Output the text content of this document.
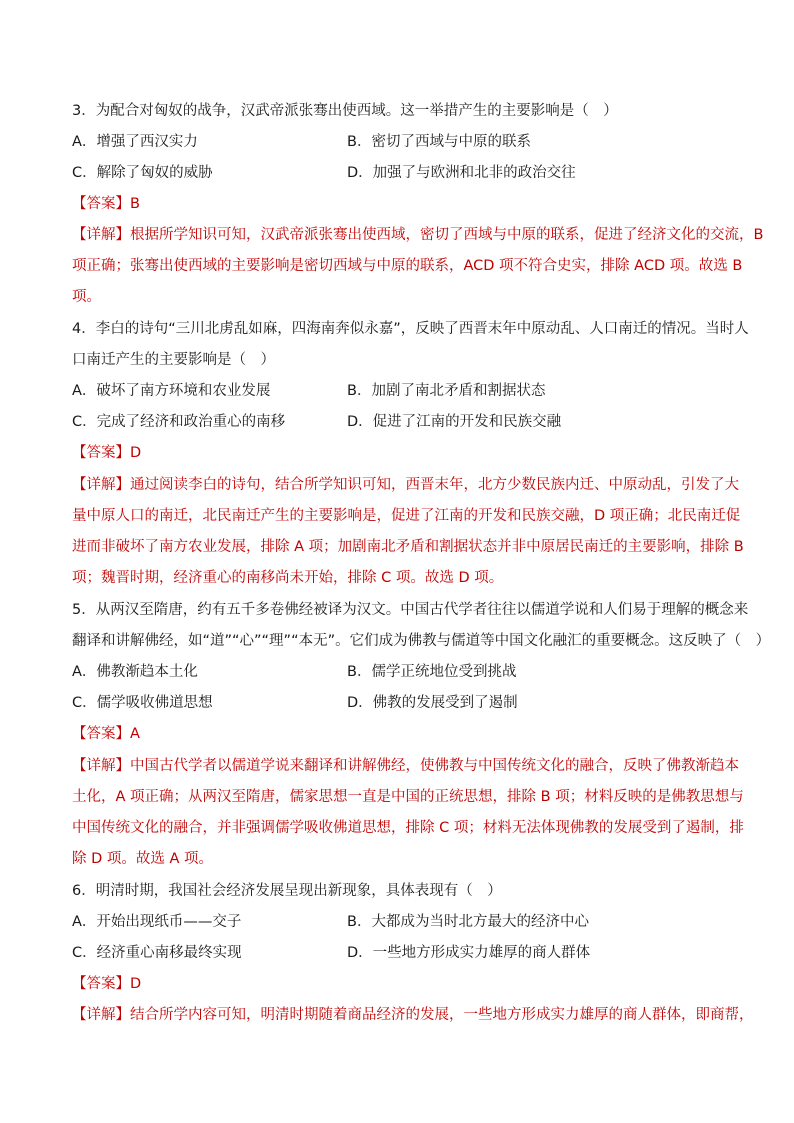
3．为配合对匈奴的战争，汉武帝派张骞出使西域。这一举措产生的主要影响是（　）
A．增强了西汉实力	B．密切了西域与中原的联系
C．解除了匈奴的威胁	D．加强了与欧洲和北非的政治交往
【答案】B
【详解】根据所学知识可知，汉武帝派张骞出使西域，密切了西域与中原的联系，促进了经济文化的交流，B
项正确；张骞出使西域的主要影响是密切西域与中原的联系，ACD 项不符合史实，排除 ACD 项。故选 B
项。
4．李白的诗句“三川北虏乱如麻，四海南奔似永嘉”，反映了西晋末年中原动乱、人口南迁的情况。当时人
口南迁产生的主要影响是（　）
A．破坏了南方环境和农业发展	B．加剧了南北矛盾和割据状态
C．完成了经济和政治重心的南移	D．促进了江南的开发和民族交融
【答案】D
【详解】通过阅读李白的诗句，结合所学知识可知，西晋末年，北方少数民族内迁、中原动乱，引发了大
量中原人口的南迁，北民南迁产生的主要影响是，促进了江南的开发和民族交融，D 项正确；北民南迁促
进而非破坏了南方农业发展，排除 A 项；加剧南北矛盾和割据状态并非中原居民南迁的主要影响，排除 B
项；魏晋时期，经济重心的南移尚未开始，排除 C 项。故选 D 项。
5．从两汉至隋唐，约有五千多卷佛经被译为汉文。中国古代学者往往以儒道学说和人们易于理解的概念来
翻译和讲解佛经，如“道”“心”“理”“本无”。它们成为佛教与儒道等中国文化融汇的重要概念。这反映了（　）
A．佛教渐趋本土化	B．儒学正统地位受到挑战
C．儒学吸收佛道思想	D．佛教的发展受到了遏制
【答案】A
【详解】中国古代学者以儒道学说来翻译和讲解佛经，使佛教与中国传统文化的融合，反映了佛教渐趋本
土化，A 项正确；从两汉至隋唐，儒家思想一直是中国的正统思想，排除 B 项；材料反映的是佛教思想与
中国传统文化的融合，并非强调儒学吸收佛道思想，排除 C 项；材料无法体现佛教的发展受到了遏制，排
除 D 项。故选 A 项。
6．明清时期，我国社会经济发展呈现出新现象，具体表现有（　）
A．开始出现纸币——交子	B．大都成为当时北方最大的经济中心
C．经济重心南移最终实现	D．一些地方形成实力雄厚的商人群体
【答案】D
【详解】结合所学内容可知，明清时期随着商品经济的发展，一些地方形成实力雄厚的商人群体，即商帮，
